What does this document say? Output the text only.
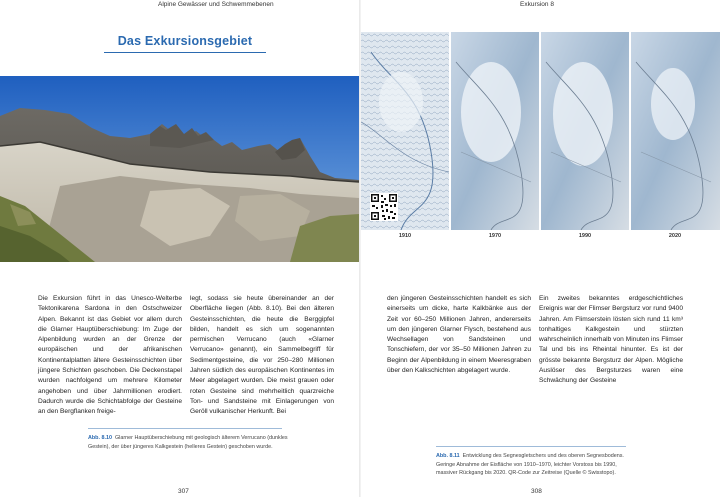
Alpine Gewässer und Schwemmebenen	Exkursion 8
Das Exkursionsgebiet
1910	1970	1990	2020
Die Exkursion führt in das Unesco-Welterbe Tektonikarena Sardona in den Ostschweizer Alpen. Bekannt ist das Gebiet vor allem durch die Glarner Hauptüberschiebung: Im Zuge der Alpenbildung wurden an der Grenze der europäischen und der afrikanischen Kontinentalplatten ältere Gesteinsschichten über jüngere Schichten geschoben. Die Deckenstapel wurden nachfolgend um mehrere Kilometer angehoben und über Jahrmillionen erodiert. Dadurch wurde die Schichtabfolge der Gesteine an den Bergflanken freige-
legt, sodass sie heute übereinander an der Oberfläche liegen (Abb. 8.10). Bei den älteren Gesteinsschichten, die heute die Berggipfel bilden, handelt es sich um sogenannten permischen Verrucano (auch «Glarner Verrucano» genannt), ein Sammelbegriff für Sedimentgesteine, die vor 250–280 Millionen Jahren südlich des europäischen Kontinentes im Meer abgelagert wurden. Die meist grauen oder roten Gesteine sind mehrheitlich quarzreiche Ton- und Sandsteine mit Einlagerungen von Geröll vulkanischer Herkunft. Bei
Abb. 8.10 Glarner Hauptüberschiebung mit geologisch älterem Verrucano (dunkles Gestein), der über jüngeres Kalkgestein (helleres Gestein) geschoben wurde.
den jüngeren Gesteinsschichten handelt es sich einerseits um dicke, harte Kalkbänke aus der Zeit vor 60–250 Millionen Jahren, andererseits um den jüngeren Glarner Flysch, bestehend aus Wechsellagen von Sandsteinen und Tonschiefern, der vor 35–50 Millionen Jahren zu Beginn der Alpenbildung in einem Meeresgraben über den Kalkschichten abgelagert wurde.
Ein zweites bekanntes erdgeschichtliches Ereignis war der Flimser Bergsturz vor rund 9400 Jahren. Am Flimserstein lösten sich rund 11 km³ tonhaltiges Kalkgestein und stürzten wahrscheinlich innerhalb von Minuten ins Flimser Tal und bis ins Rheintal hinunter. Es ist der grösste bekannte Bergsturz der Alpen. Mögliche Auslöser des Bergsturzes waren eine Schwächung der Gesteine
Abb. 8.11 Entwicklung des Segnesgletschers und des oberen Segnesbodens. Geringe Abnahme der Eisfläche von 1910–1970, leichter Vorstoss bis 1990, massiver Rückgang bis 2020. QR-Code zur Zeitreise (Quelle © Swisstopo).
307	308
